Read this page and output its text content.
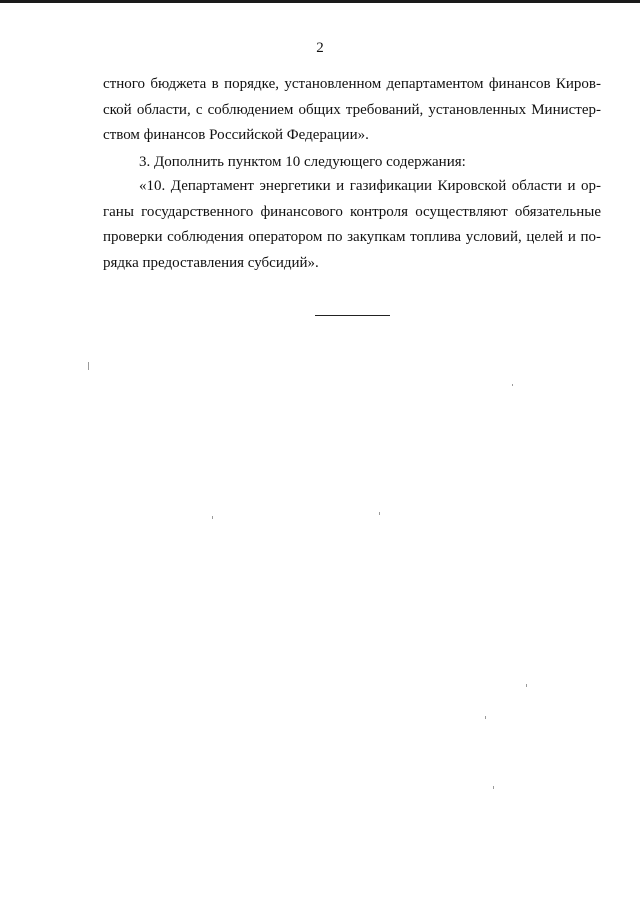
2
стного бюджета в порядке, установленном департаментом финансов Киров-
ской области, с соблюдением общих требований, установленных Министер-
ством финансов Российской Федерации».
3. Дополнить пунктом 10 следующего содержания:
«10. Департамент энергетики и газификации Кировской области и ор-
ганы государственного финансового контроля осуществляют обязательные
проверки соблюдения оператором по закупкам топлива условий, целей и по-
рядка предоставления субсидий».
